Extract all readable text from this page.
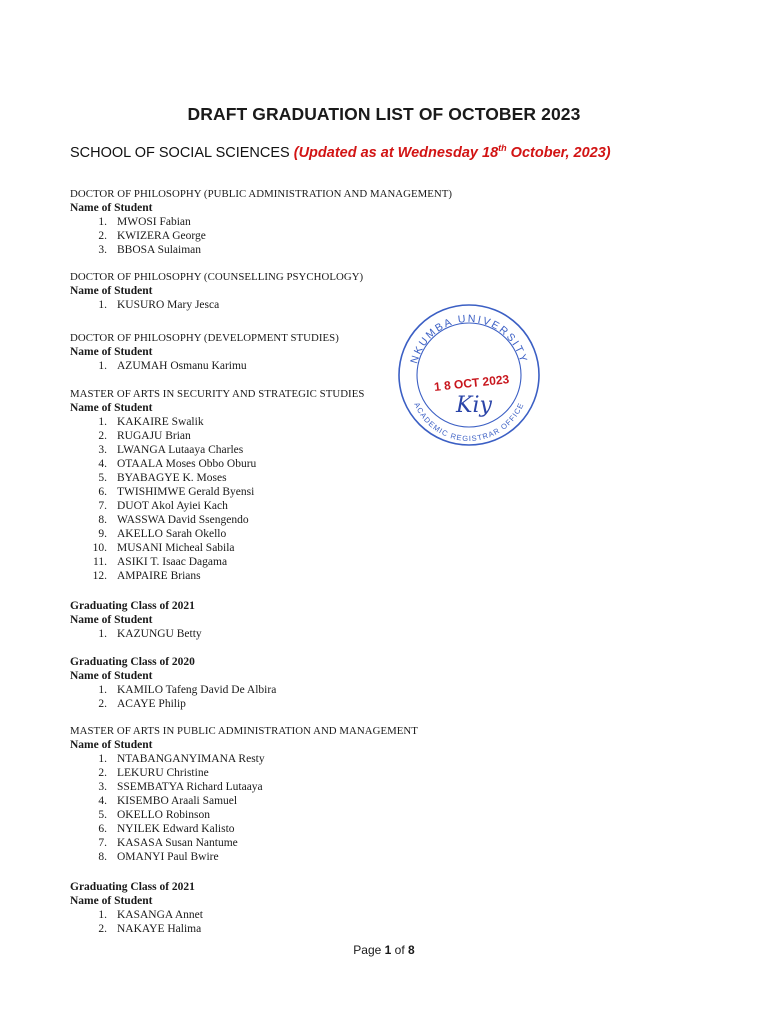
DRAFT GRADUATION LIST OF OCTOBER 2023
SCHOOL OF SOCIAL SCIENCES (Updated as at Wednesday 18th October, 2023)
DOCTOR OF PHILOSOPHY (PUBLIC ADMINISTRATION AND MANAGEMENT)
Name of Student
1. MWOSI Fabian
2. KWIZERA George
3. BBOSA Sulaiman
DOCTOR OF PHILOSOPHY (COUNSELLING PSYCHOLOGY)
Name of Student
1. KUSURO Mary Jesca
DOCTOR OF PHILOSOPHY (DEVELOPMENT STUDIES)
Name of Student
1. AZUMAH Osmanu Karimu
MASTER OF ARTS IN SECURITY AND STRATEGIC STUDIES
Name of Student
1. KAKAIRE Swalik
2. RUGAJU Brian
3. LWANGA Lutaaya Charles
4. OTAALA Moses Obbo Oburu
5. BYABAGYE K. Moses
6. TWISHIMWE Gerald Byensi
7. DUOT Akol Ayiei Kach
8. WASSWA David Ssengendo
9. AKELLO Sarah Okello
10. MUSANI Micheal Sabila
11. ASIKI T. Isaac Dagama
12. AMPAIRE Brians
Graduating Class of 2021
Name of Student
1. KAZUNGU Betty
Graduating Class of 2020
Name of Student
1. KAMILO Tafeng David De Albira
2. ACAYE Philip
MASTER OF ARTS IN PUBLIC ADMINISTRATION AND MANAGEMENT
Name of Student
1. NTABANGANYIMANA Resty
2. LEKURU Christine
3. SSEMBATYA Richard Lutaaya
4. KISEMBO Araali Samuel
5. OKELLO Robinson
6. NYILEK Edward Kalisto
7. KASASA Susan Nantume
8. OMANYI Paul Bwire
Graduating Class of 2021
Name of Student
1. KASANGA Annet
2. NAKAYE Halima
NKUMBA UNIVERSITY
ACADEMIC REGISTRAR OFFICE
1 8 OCT 2023
Kiy
Page 1 of 8
